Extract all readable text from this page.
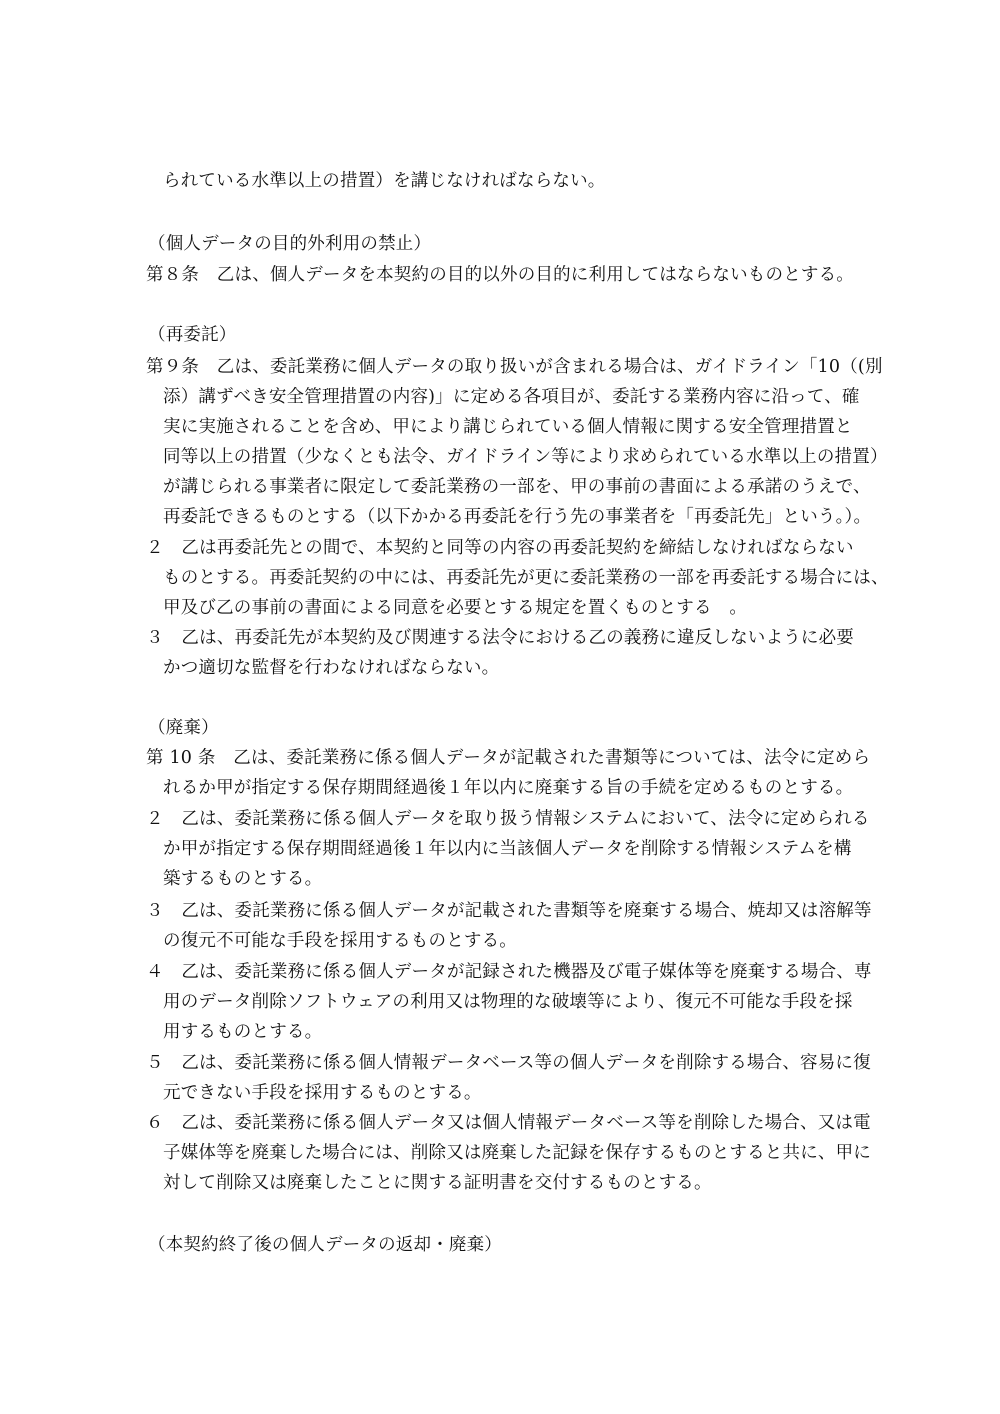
られている水準以上の措置）を講じなければならない。
（個人データの目的外利用の禁止）
第８条　乙は、個人データを本契約の目的以外の目的に利用してはならないものとする。
（再委託）
第９条　乙は、委託業務に個人データの取り扱いが含まれる場合は、ガイドライン「10（(別
添）講ずべき安全管理措置の内容)」に定める各項目が、委託する業務内容に沿って、確
実に実施されることを含め、甲により講じられている個人情報に関する安全管理措置と
同等以上の措置（少なくとも法令、ガイドライン等により求められている水準以上の措置）
が講じられる事業者に限定して委託業務の一部を、甲の事前の書面による承諾のうえで、
再委託できるものとする（以下かかる再委託を行う先の事業者を「再委託先」という。）。
２　乙は再委託先との間で、本契約と同等の内容の再委託契約を締結しなければならない
ものとする。再委託契約の中には、再委託先が更に委託業務の一部を再委託する場合には、
甲及び乙の事前の書面による同意を必要とする規定を置くものとする　。
３　乙は、再委託先が本契約及び関連する法令における乙の義務に違反しないように必要
かつ適切な監督を行わなければならない。
（廃棄）
第 10 条　乙は、委託業務に係る個人データが記載された書類等については、法令に定めら
れるか甲が指定する保存期間経過後１年以内に廃棄する旨の手続を定めるものとする。
２　乙は、委託業務に係る個人データを取り扱う情報システムにおいて、法令に定められる
か甲が指定する保存期間経過後１年以内に当該個人データを削除する情報システムを構
築するものとする。
３　乙は、委託業務に係る個人データが記載された書類等を廃棄する場合、焼却又は溶解等
の復元不可能な手段を採用するものとする。
４　乙は、委託業務に係る個人データが記録された機器及び電子媒体等を廃棄する場合、専
用のデータ削除ソフトウェアの利用又は物理的な破壊等により、復元不可能な手段を採
用するものとする。
５　乙は、委託業務に係る個人情報データベース等の個人データを削除する場合、容易に復
元できない手段を採用するものとする。
６　乙は、委託業務に係る個人データ又は個人情報データベース等を削除した場合、又は電
子媒体等を廃棄した場合には、削除又は廃棄した記録を保存するものとすると共に、甲に
対して削除又は廃棄したことに関する証明書を交付するものとする。
（本契約終了後の個人データの返却・廃棄）
